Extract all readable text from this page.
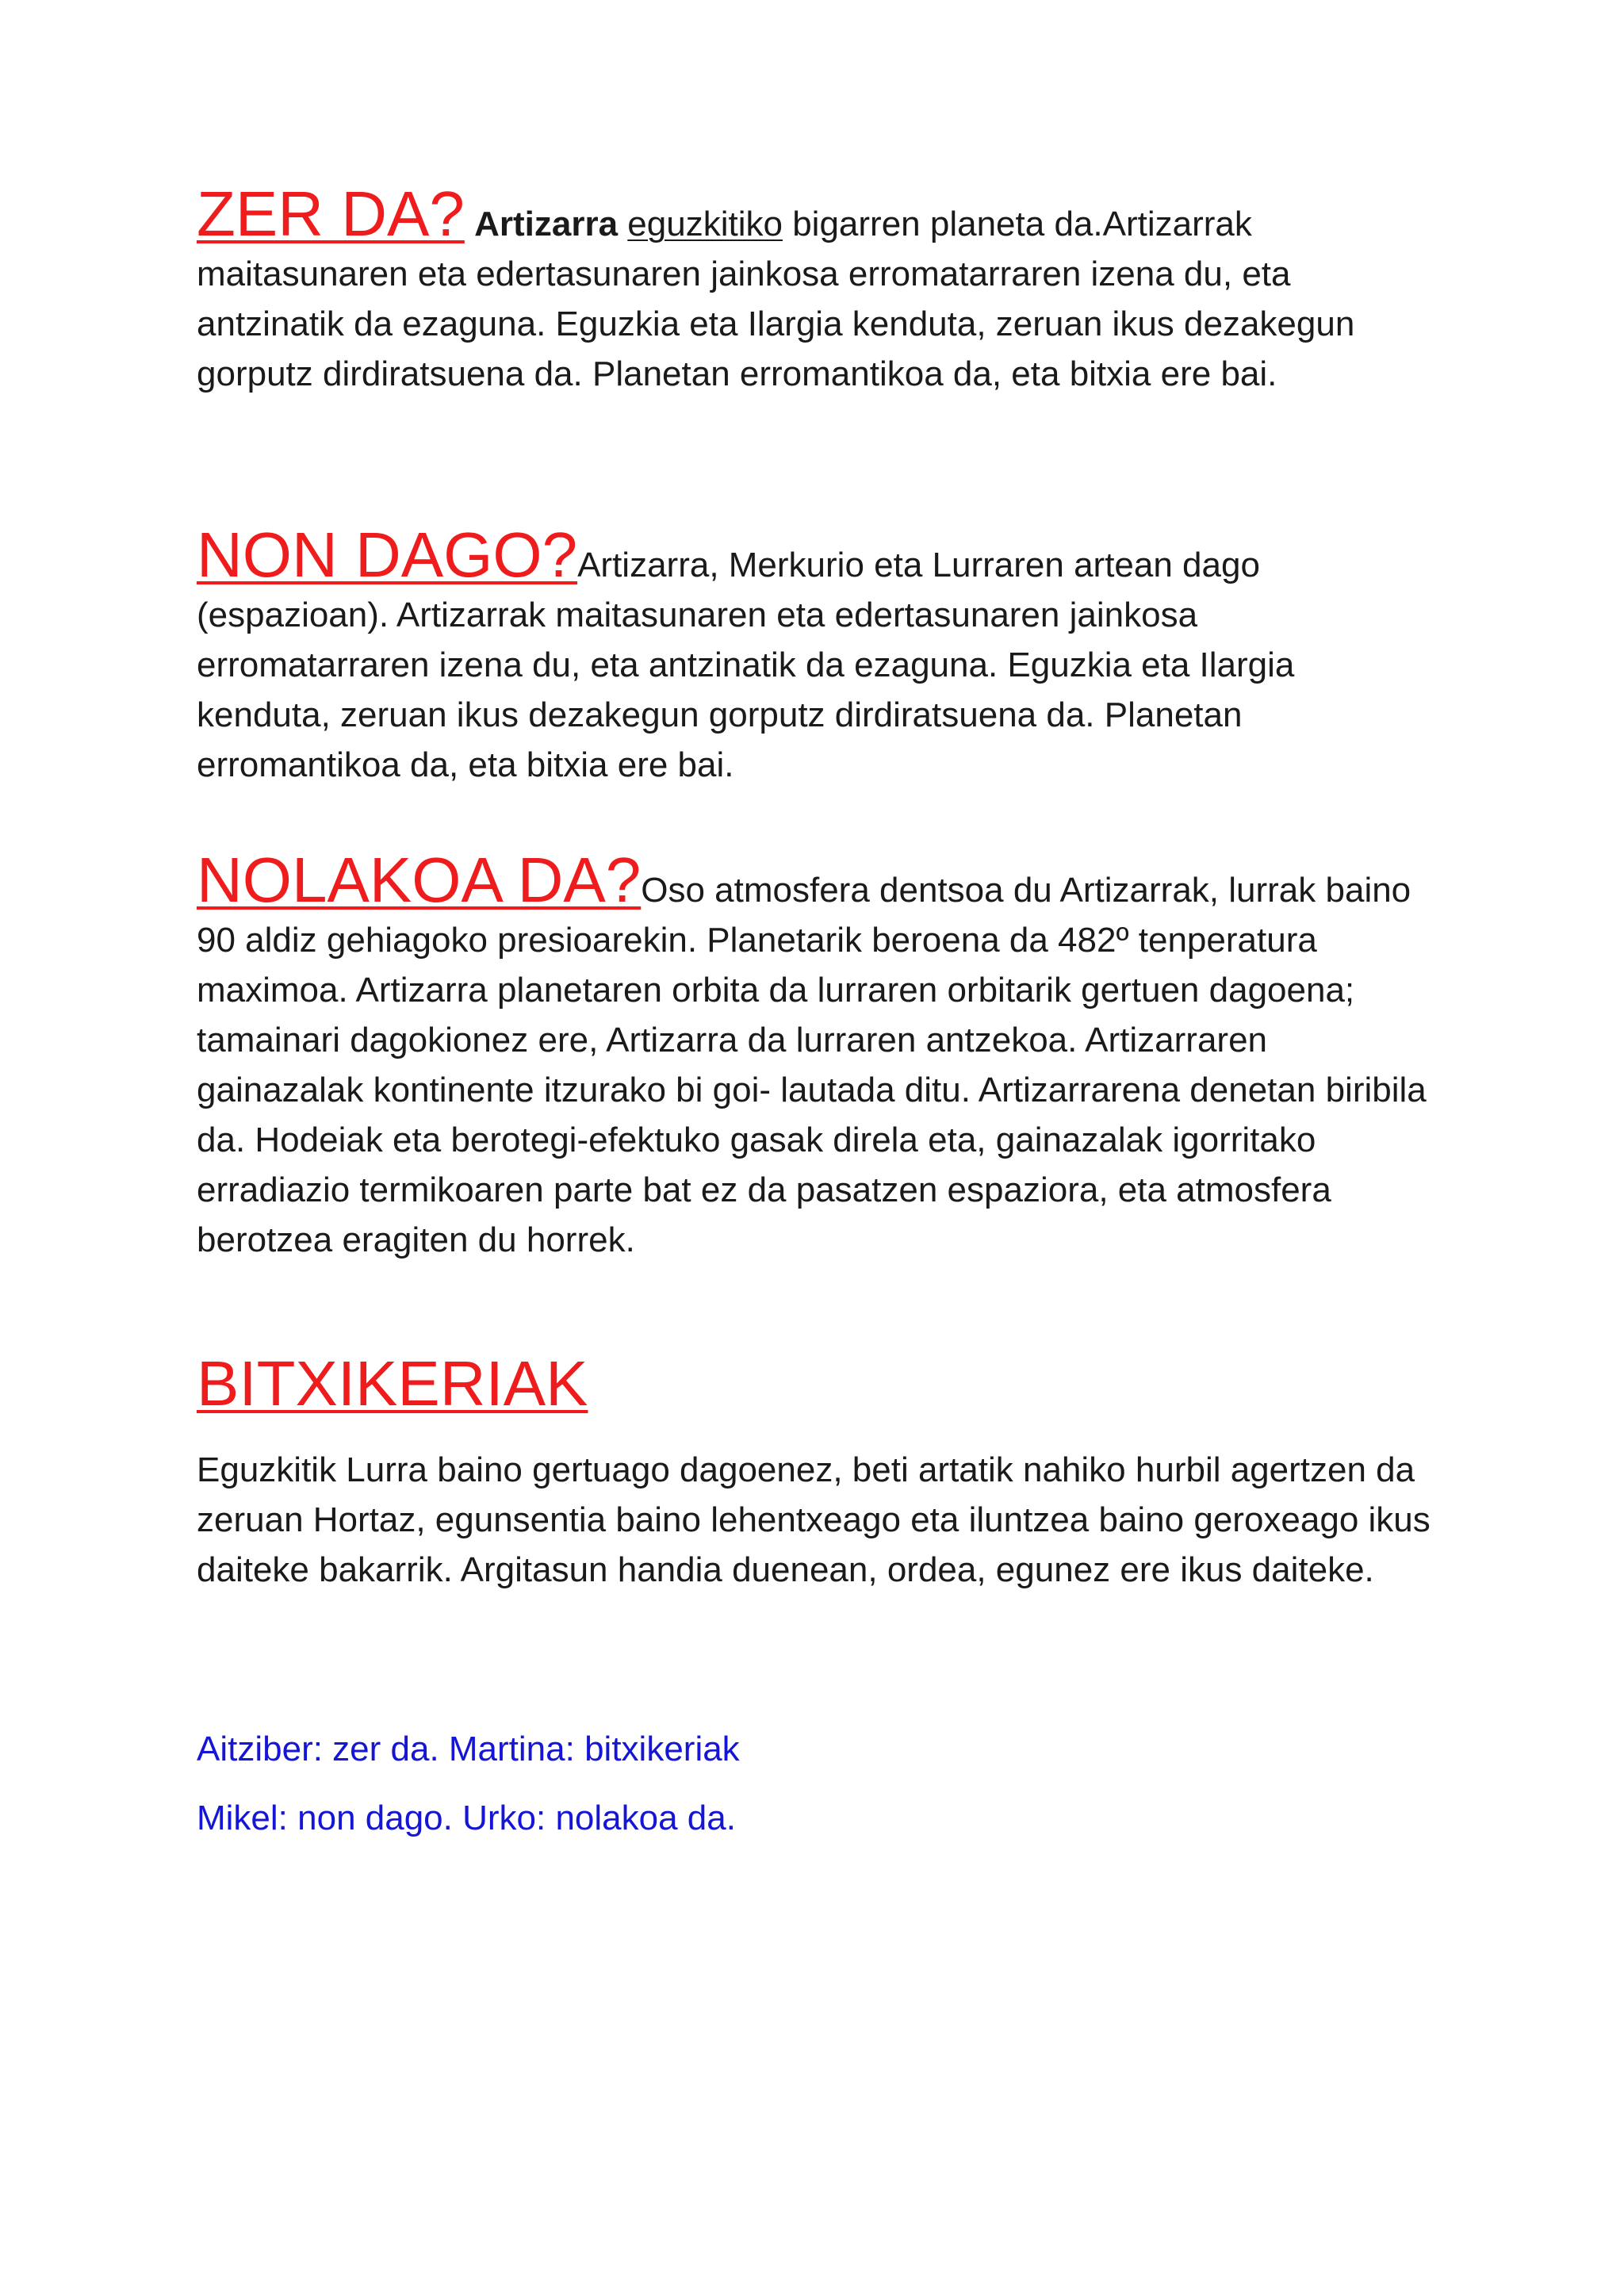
ZER DA? Artizarra eguzkitiko bigarren planeta da.Artizarrak maitasunaren eta edertasunaren jainkosa erromatarraren izena du, eta antzinatik da ezaguna. Eguzkia eta Ilargia kenduta, zeruan ikus dezakegun gorputz dirdiratsuena da. Planetan erromantikoa da, eta bitxia ere bai.

NON DAGO?Artizarra, Merkurio eta Lurraren artean dago (espazioan). Artizarrak maitasunaren eta edertasunaren jainkosa erromatarraren izena du, eta antzinatik da ezaguna. Eguzkia eta Ilargia kenduta, zeruan ikus dezakegun gorputz dirdiratsuena da. Planetan erromantikoa da, eta bitxia ere bai.

NOLAKOA DA?Oso atmosfera dentsoa du Artizarrak, lurrak baino 90 aldiz gehiagoko presioarekin. Planetarik beroena da 482º tenperatura maximoa. Artizarra planetaren orbita da lurraren orbitarik gertuen dagoena; tamainari dagokionez ere, Artizarra da lurraren antzekoa. Artizarraren gainazalak kontinente itzurako bi goi- lautada ditu. Artizarrarena denetan biribila da. Hodeiak eta berotegi-efektuko gasak direla eta, gainazalak igorritako erradiazio termikoaren parte bat ez da pasatzen espaziora, eta atmosfera berotzea eragiten du horrek.

BITXIKERIAK
Eguzkitik Lurra baino gertuago dagoenez, beti artatik nahiko hurbil agertzen da zeruan Hortaz, egunsentia baino lehentxeago eta iluntzea baino geroxeago ikus daiteke bakarrik. Argitasun handia duenean, ordea, egunez ere ikus daiteke.
Aitziber: zer da. Martina: bitxikeriak
Mikel: non dago. Urko: nolakoa da.
